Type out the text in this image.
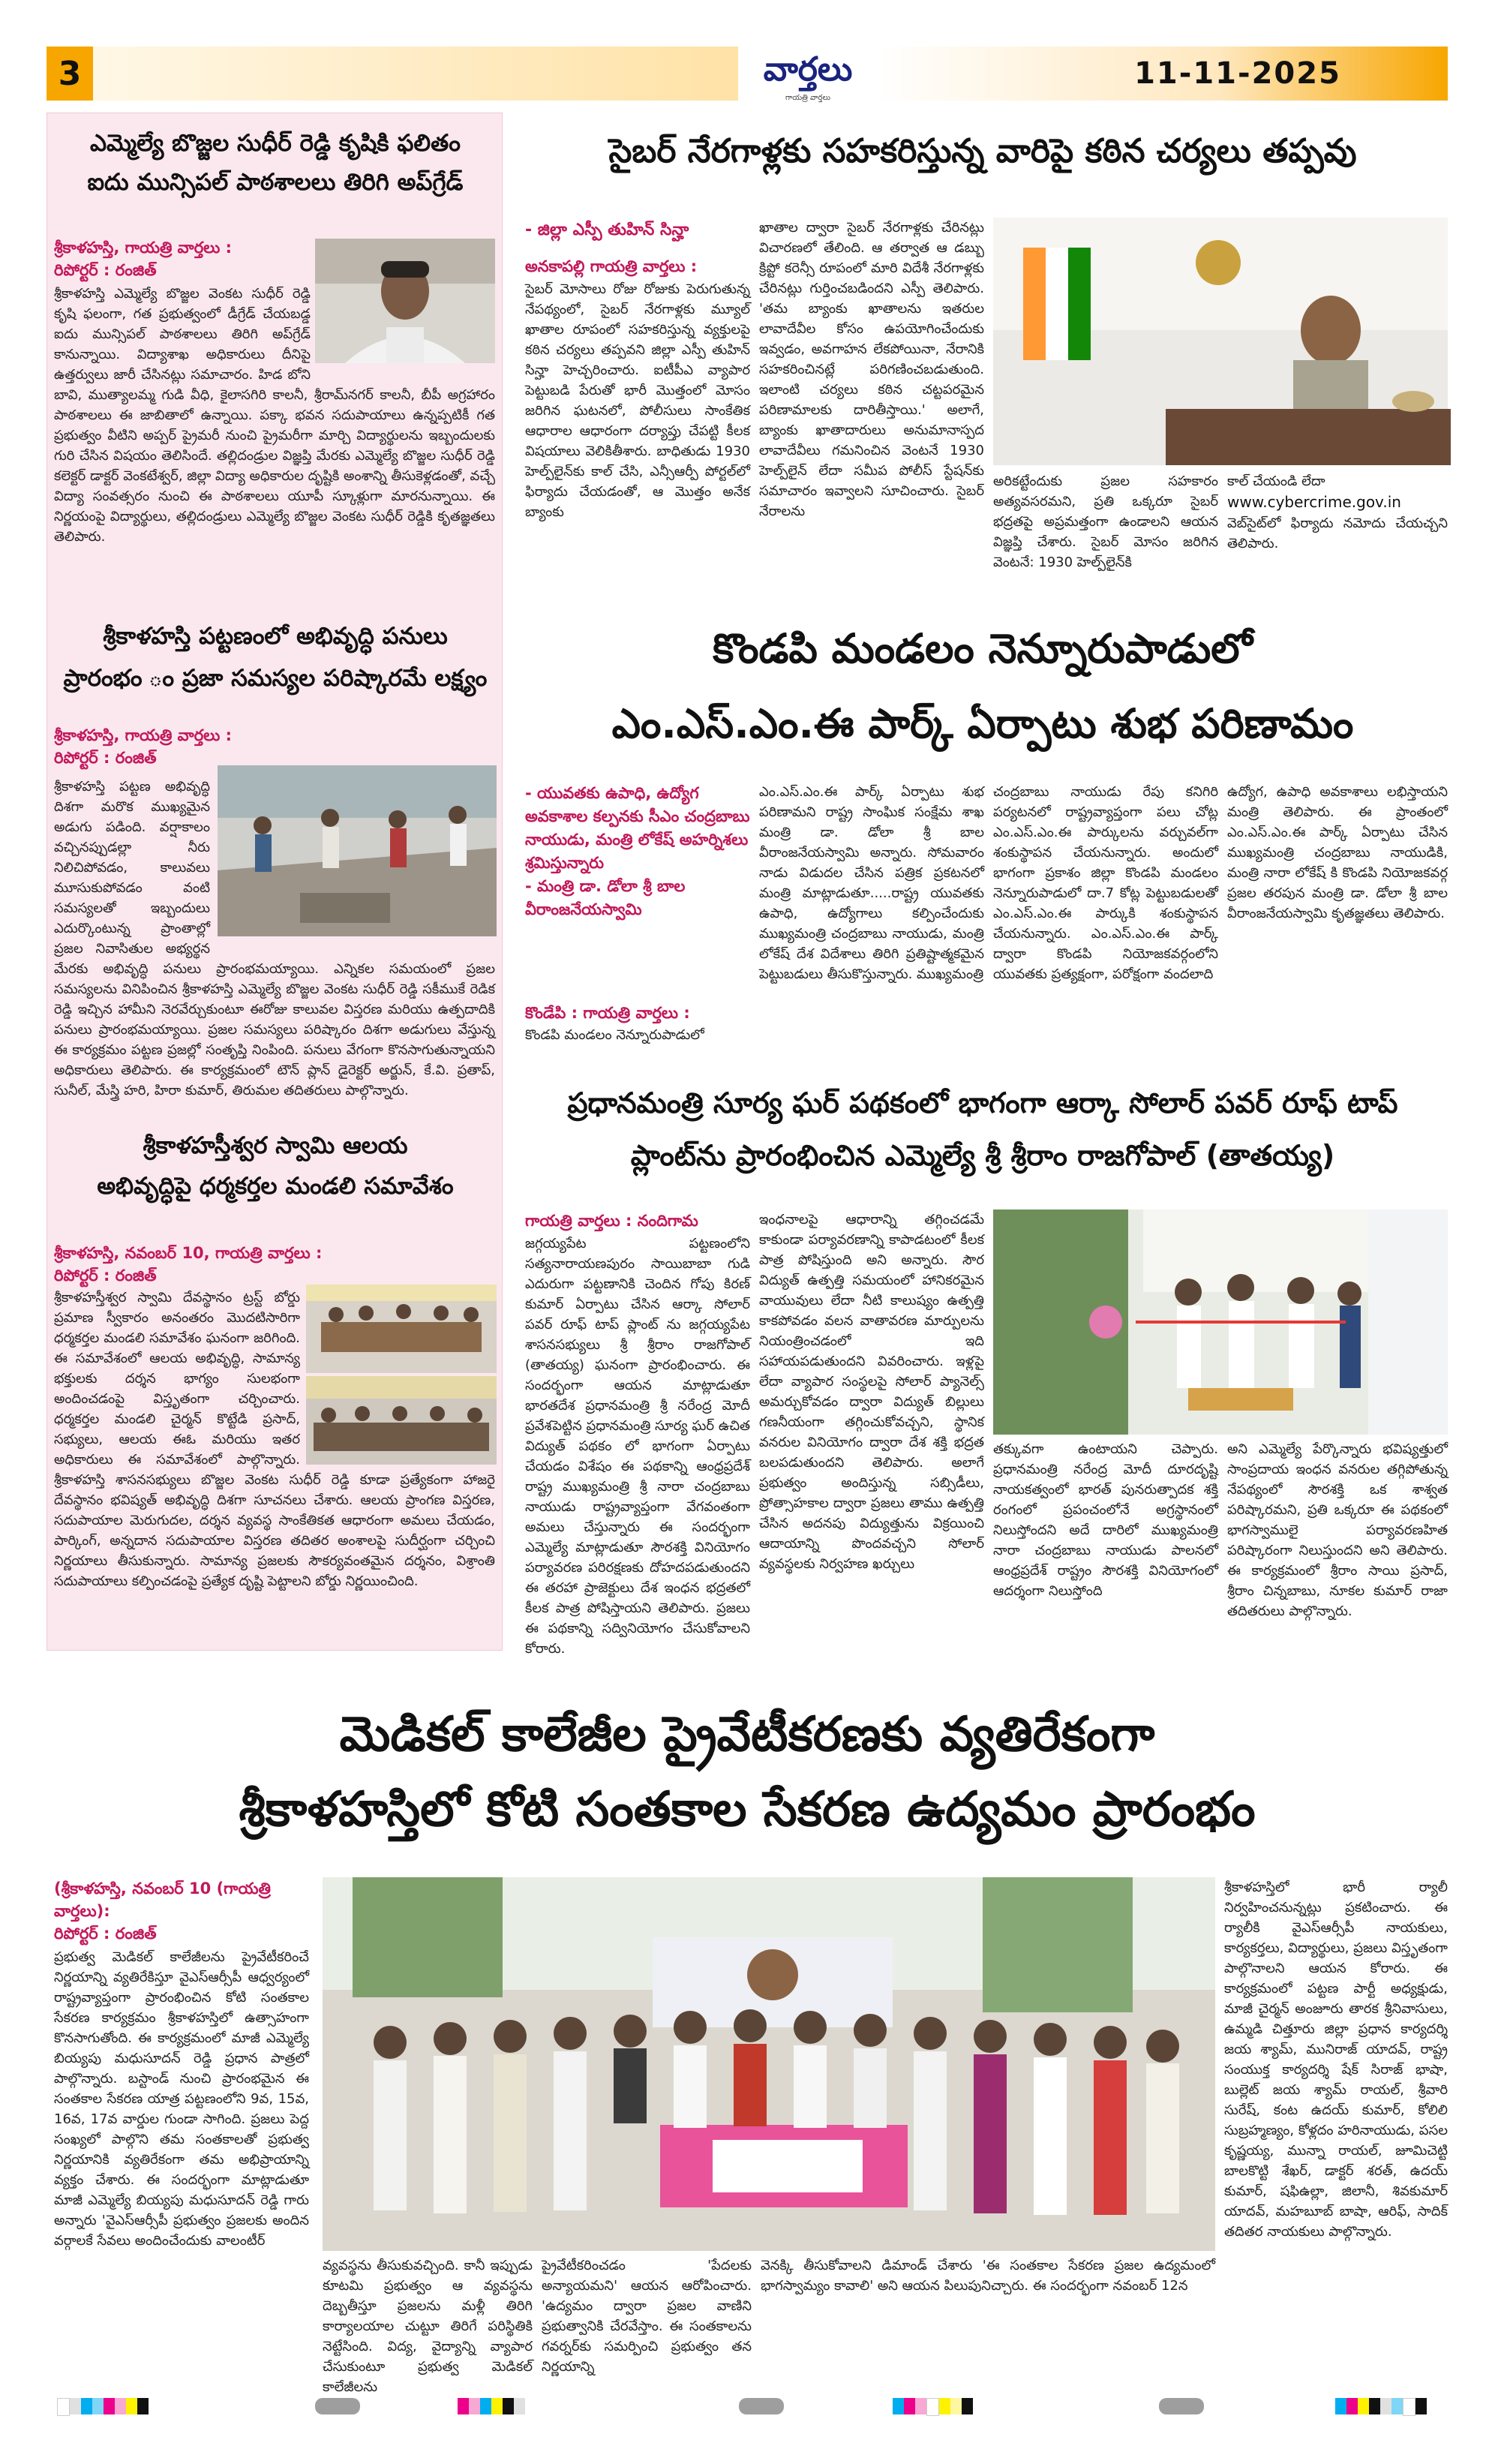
3	వార్తలు
గాయత్రి వార్తలు
11-11-2025
ఎమ్మెల్యే బొజ్జల సుధీర్ రెడ్డి కృషికి ఫలితం
ఐదు మున్సిపల్ పాఠశాలలు తిరిగి అప్‌గ్రేడ్
శ్రీకాళహస్తి, గాయత్రి వార్తలు :
రిపోర్టర్ : రంజిత్
శ్రీకాళహస్తి ఎమ్మెల్యే బొజ్జల వెంకట సుధీర్ రెడ్డి కృషి ఫలంగా, గత ప్రభుత్వంలో డీగ్రేడ్ చేయబడ్డ ఐదు మున్సిపల్ పాఠశాలలు తిరిగి అప్‌గ్రేడ్ కానున్నాయి. విద్యాశాఖ అధికారులు దీనిపై ఉత్తర్వులు జారీ చేసినట్లు సమాచారం. హిడ బోని బావి, ముత్యాలమ్మ గుడి వీధి, కైలాసగిరి కాలనీ, శ్రీరామ్‌నగర్ కాలనీ, బీపీ అగ్రహారం పాఠశాలలు ఈ జాబితాలో ఉన్నాయి. పక్కా భవన సదుపాయాలు ఉన్నప్పటికీ గత ప్రభుత్వం వీటిని అప్పర్ ప్రైమరీ నుంచి ప్రైమరీగా మార్చి విద్యార్థులను ఇబ్బందులకు గురి చేసిన విషయం తెలిసిందే. తల్లిదండ్రుల విజ్ఞప్తి మేరకు ఎమ్మెల్యే బొజ్జల సుధీర్ రెడ్డి కలెక్టర్ డాక్టర్ వెంకటేశ్వర్, జిల్లా విద్యా అధికారుల దృష్టికి అంశాన్ని తీసుకెళ్లడంతో, వచ్చే విద్యా సంవత్సరం నుంచి ఈ పాఠశాలలు యూపీ స్కూళ్లుగా మారనున్నాయి. ఈ నిర్ణయంపై విద్యార్థులు, తల్లిదండ్రులు ఎమ్మెల్యే బొజ్జల వెంకట సుధీర్ రెడ్డికి కృతజ్ఞతలు తెలిపారు.
శ్రీకాళహస్తి పట్టణంలో అభివృద్ధి పనులు
ప్రారంభం ం ప్రజా సమస్యల పరిష్కారమే లక్ష్యం
శ్రీకాళహస్తి, గాయత్రి వార్తలు :
రిపోర్టర్ : రంజిత్
శ్రీకాళహస్తి పట్టణ అభివృద్ధి దిశగా మరొక ముఖ్యమైన అడుగు పడింది. వర్షాకాలం వచ్చినప్పుడల్లా నీరు నిలిచిపోవడం, కాలువలు మూసుకుపోవడం వంటి సమస్యలతో ఇబ్బందులు ఎదుర్కొంటున్న ప్రాంతాల్లో ప్రజల నివాసితుల అభ్యర్థన మేరకు అభివృద్ధి పనులు ప్రారంభమయ్యాయి. ఎన్నికల సమయంలో ప్రజల సమస్యలను వినిపించిన శ్రీకాళహస్తి ఎమ్మెల్యే బొజ్జల వెంకట సుధీర్ రెడ్డి సకీముకే రెడిక రెడ్డి ఇచ్చిన హామీని నెరవేర్చుకుంటూ ఈరోజు కాలువల విస్తరణ మరియు ఉత్పదాదికి పనులు ప్రారంభమయ్యాయి. ప్రజల సమస్యలు పరిష్కారం దిశగా అడుగులు వేస్తున్న ఈ కార్యక్రమం పట్టణ ప్రజల్లో సంతృప్తి నింపింది. పనులు వేగంగా కొనసాగుతున్నాయని అధికారులు తెలిపారు. ఈ కార్యక్రమంలో టౌన్ ప్లాన్ డైరెక్టర్ అర్జున్, కే.వి. ప్రతాప్, సునీల్, మేస్త్రి హరి, హిరా కుమార్, తిరుమల తదితరులు పాల్గొన్నారు.
శ్రీకాళహస్తీశ్వర స్వామి ఆలయ
అభివృద్ధిపై ధర్మకర్తల మండలి సమావేశం
శ్రీకాళహస్తి, నవంబర్ 10, గాయత్రి వార్తలు :
రిపోర్టర్ : రంజిత్
శ్రీకాళహస్తీశ్వర స్వామి దేవస్థానం ట్రస్ట్ బోర్డు ప్రమాణ స్వీకారం అనంతరం మొదటిసారిగా ధర్మకర్తల మండలి సమావేశం ఘనంగా జరిగింది. ఈ సమావేశంలో ఆలయ అభివృద్ధి, సామాన్య భక్తులకు దర్శన భాగ్యం సులభంగా అందించడంపై విస్తృతంగా చర్చించారు. ధర్మకర్తల మండలి చైర్మన్ కొట్టేడి ప్రసాద్, సభ్యులు, ఆలయ ఈఓ మరియు ఇతర అధికారులు ఈ సమావేశంలో పాల్గొన్నారు. శ్రీకాళహస్తి శాసనసభ్యులు బొజ్జల వెంకట సుధీర్ రెడ్డి కూడా ప్రత్యేకంగా హాజరై దేవస్థానం భవిష్యత్ అభివృద్ధి దిశగా సూచనలు చేశారు. ఆలయ ప్రాంగణ విస్తరణ, సదుపాయాల మెరుగుదల, దర్శన వ్యవస్థ సాంకేతికత ఆధారంగా అమలు చేయడం, పార్కింగ్, అన్నదాన సదుపాయాల విస్తరణ తదితర అంశాలపై సుదీర్ఘంగా చర్చించి నిర్ణయాలు తీసుకున్నారు. సామాన్య ప్రజలకు సౌకర్యవంతమైన దర్శనం, విశ్రాంతి సదుపాయాలు కల్పించడంపై ప్రత్యేక దృష్టి పెట్టాలని బోర్డు నిర్ణయించింది.
సైబర్ నేరగాళ్లకు సహకరిస్తున్న వారిపై కఠిన చర్యలు తప్పవు
- జిల్లా ఎస్పీ తుహిన్ సిన్హా
అనకాపల్లి గాయత్రి వార్తలు :
సైబర్ మోసాలు రోజు రోజుకు పెరుగుతున్న నేపథ్యంలో, సైబర్ నేరగాళ్లకు మ్యూల్ ఖాతాల రూపంలో సహకరిస్తున్న వ్యక్తులపై కఠిన చర్యలు తప్పవని జిల్లా ఎస్పీ తుహిన్ సిన్హా హెచ్చరించారు. ఐటీపీఎ వ్యాపార పెట్టుబడి పేరుతో భారీ మొత్తంలో మోసం జరిగిన ఘటనలో, పోలీసులు సాంకేతిక ఆధారాల ఆధారంగా దర్యాప్తు చేపట్టి కీలక విషయాలు వెలికితీశారు. బాధితుడు 1930 హెల్ప్‌లైన్‌కు కాల్ చేసి, ఎన్సీఆర్పీ పోర్టల్‌లో ఫిర్యాదు చేయడంతో, ఆ మొత్తం అనేక బ్యాంకు
ఖాతాల ద్వారా సైబర్ నేరగాళ్లకు చేరినట్లు విచారణలో తేలింది. ఆ తర్వాత ఆ డబ్బు క్రిప్టో కరెన్సీ రూపంలో మారి విదేశీ నేరగాళ్లకు చేరినట్లు గుర్తించబడిందని ఎస్పీ తెలిపారు. 'తమ బ్యాంకు ఖాతాలను ఇతరుల లావాదేవీల కోసం ఉపయోగించేందుకు ఇవ్వడం, అవగాహన లేకపోయినా, నేరానికి సహకరించినట్లే పరిగణించబడుతుంది. ఇలాంటి చర్యలు కఠిన చట్టపరమైన పరిణామాలకు దారితీస్తాయి.' అలాగే, బ్యాంకు ఖాతాదారులు అనుమానాస్పద లావాదేవీలు గమనించిన వెంటనే 1930 హెల్ప్‌లైన్ లేదా సమీప పోలీస్ స్టేషన్‌కు సమాచారం ఇవ్వాలని సూచించారు. సైబర్ నేరాలను
అరికట్టేందుకు ప్రజల సహకారం అత్యవసరమని, ప్రతి ఒక్కరూ సైబర్ భద్రతపై అప్రమత్తంగా ఉండాలని ఆయన విజ్ఞప్తి చేశారు. సైబర్ మోసం జరిగిన వెంటనే: 1930 హెల్ప్‌లైన్‌కి
కాల్ చేయండి లేదా
www.cybercrime.gov.in
వెబ్‌సైట్‌లో ఫిర్యాదు నమోదు చేయచ్చని తెలిపారు.
కొండపి మండలం నెన్నూరుపాడులో
ఎం.ఎస్.ఎం.ఈ పార్క్ ఏర్పాటు శుభ పరిణామం
- యువతకు ఉపాధి, ఉద్యోగ అవకాశాల కల్పనకు సీఎం చంద్రబాబు నాయుడు, మంత్రి లోకేష్ అహర్నిశలు శ్రమిస్తున్నారు
- మంత్రి డా. డోలా శ్రీ బాల వీరాంజనేయస్వామి
కొండేపి : గాయత్రి వార్తలు :
కొండపి మండలం నెన్నూరుపాడులో
ఎం.ఎస్.ఎం.ఈ పార్క్ ఏర్పాటు శుభ పరిణామని రాష్ట్ర సాంఘిక సంక్షేమ శాఖ మంత్రి డా. డోలా శ్రీ బాల వీరాంజనేయస్వామి అన్నారు. సోమవారం నాడు విడుదల చేసిన పత్రిక ప్రకటనలో మంత్రి మాట్లాడుతూ.....రాష్ట్ర యువతకు ఉపాధి, ఉద్యోగాలు కల్పించేందుకు ముఖ్యమంత్రి చంద్రబాబు నాయుడు, మంత్రి లోకేష్ దేశ విదేశాలు తిరిగి ప్రతిష్టాత్మకమైన పెట్టుబడులు తీసుకొస్తున్నారు. ముఖ్యమంత్రి
చంద్రబాబు నాయుడు రేపు కనిగిరి పర్యటనలో రాష్ట్రవ్యాప్తంగా పలు చోట్ల ఎం.ఎస్.ఎం.ఈ పార్కులను వర్చువల్‌గా శంకుస్థాపన చేయనున్నారు. అందులో భాగంగా ప్రకాశం జిల్లా కొండపి మండలం నెన్నూరుపాడులో దా.7 కోట్ల పెట్టుబడులతో ఎం.ఎస్.ఎం.ఈ పార్కుకి శంకుస్థాపన చేయనున్నారు. ఎం.ఎస్.ఎం.ఈ పార్క్ ద్వారా కొండపి నియోజకవర్గంలోని యువతకు ప్రత్యక్షంగా, పరోక్షంగా వందలాది
ఉద్యోగ, ఉపాధి అవకాశాలు లభిస్తాయని మంత్రి తెలిపారు. ఈ ప్రాంతంలో ఎం.ఎస్.ఎం.ఈ పార్క్ ఏర్పాటు చేసిన ముఖ్యమంత్రి చంద్రబాబు నాయుడికి, మంత్రి నారా లోకేష్ కి కొండపి నియోజకవర్గ ప్రజల తరపున మంత్రి డా. డోలా శ్రీ బాల వీరాంజనేయస్వామి కృతజ్ఞతలు తెలిపారు.
ప్రధానమంత్రి సూర్య ఘర్ పథకంలో భాగంగా ఆర్కా సోలార్ పవర్ రూఫ్ టాప్
ప్లాంట్‌ను ప్రారంభించిన ఎమ్మెల్యే శ్రీ శ్రీరాం రాజగోపాల్ (తాతయ్య)
గాయత్రి వార్తలు : నందిగామ
జగ్గయ్యపేట పట్టణంలోని సత్యనారాయణపురం సాయిబాబా గుడి ఎదురుగా పట్టణానికి చెందిన గోపు కిరణ్ కుమార్ ఏర్పాటు చేసిన ఆర్కా సోలార్ పవర్ రూఫ్ టాప్ ప్లాంట్ ను జగ్గయ్యపేట శాసనసభ్యులు శ్రీ శ్రీరాం రాజగోపాల్ (తాతయ్య) ఘనంగా ప్రారంభించారు. ఈ సందర్భంగా ఆయన మాట్లాడుతూ భారతదేశ ప్రధానమంత్రి శ్రీ నరేంద్ర మోదీ ప్రవేశపెట్టిన ప్రధానమంత్రి సూర్య ఘర్ ఉచిత విద్యుత్ పథకం లో భాగంగా ఏర్పాటు చేయడం విశేషం ఈ పథకాన్ని ఆంధ్రప్రదేశ్ రాష్ట్ర ముఖ్యమంత్రి శ్రీ నారా చంద్రబాబు నాయుడు రాష్ట్రవ్యాప్తంగా వేగవంతంగా అమలు చేస్తున్నారు ఈ సందర్భంగా ఎమ్మెల్యే మాట్లాడుతూ సౌరశక్తి వినియోగం పర్యావరణ పరిరక్షణకు దోహదపడుతుందని ఈ తరహా ప్రాజెక్టులు దేశ ఇంధన భద్రతలో కీలక పాత్ర పోషిస్తాయని తెలిపారు. ప్రజలు ఈ పథకాన్ని సద్వినియోగం చేసుకోవాలని కోరారు.
ఇంధనాలపై ఆధారాన్ని తగ్గించడమే కాకుండా పర్యావరణాన్ని కాపాడటంలో కీలక పాత్ర పోషిస్తుంది అని అన్నారు. సౌర విద్యుత్ ఉత్పత్తి సమయంలో హానికరమైన వాయువులు లేదా నీటి కాలుష్యం ఉత్పత్తి కాకపోవడం వలన వాతావరణ మార్పులను నియంత్రించడంలో ఇది సహాయపడుతుందని వివరించారు. ఇళ్లపై లేదా వ్యాపార సంస్థలపై సోలార్ ప్యానెల్స్ అమర్చుకోవడం ద్వారా విద్యుత్ బిల్లులు గణనీయంగా తగ్గించుకోవచ్చని, స్థానిక వనరుల వినియోగం ద్వారా దేశ శక్తి భద్రత బలపడుతుందని తెలిపారు. అలాగే ప్రభుత్వం అందిస్తున్న సబ్సిడీలు, ప్రోత్సాహకాల ద్వారా ప్రజలు తాము ఉత్పత్తి చేసిన అదనపు విద్యుత్తును విక్రయించి ఆదాయాన్ని పొందవచ్చని సోలార్ వ్యవస్థలకు నిర్వహణ ఖర్చులు
తక్కువగా ఉంటాయని చెప్పారు. ప్రధానమంత్రి నరేంద్ర మోదీ దూరదృష్టి నాయకత్వంలో భారత్ పునరుత్పాదక శక్తి రంగంలో ప్రపంచంలోనే అగ్రస్థానంలో నిలుస్తోందని అదే దారిలో ముఖ్యమంత్రి నారా చంద్రబాబు నాయుడు పాలనలో ఆంధ్రప్రదేశ్ రాష్ట్రం సౌరశక్తి వినియోగంలో ఆదర్శంగా నిలుస్తోంది
అని ఎమ్మెల్యే పేర్కొన్నారు భవిష్యత్తులో సాంప్రదాయ ఇంధన వనరుల తగ్గిపోతున్న నేపథ్యంలో సౌరశక్తి ఒక శాశ్వత పరిష్కారమని, ప్రతి ఒక్కరూ ఈ పథకంలో భాగస్వాములై పర్యావరణహిత పరిష్కారంగా నిలుస్తుందని అని తెలిపారు. ఈ కార్యక్రమంలో శ్రీరాం సాయి ప్రసాద్, శ్రీరాం చిన్నబాబు, నూకల కుమార్ రాజా తదితరులు పాల్గొన్నారు.
మెడికల్ కాలేజీల ప్రైవేటీకరణకు వ్యతిరేకంగా
శ్రీకాళహస్తిలో కోటి సంతకాల సేకరణ ఉద్యమం ప్రారంభం
(శ్రీకాళహస్తి, నవంబర్ 10 (గాయత్రి వార్తలు):
రిపోర్టర్ : రంజిత్
ప్రభుత్వ మెడికల్ కాలేజీలను ప్రైవేటీకరించే నిర్ణయాన్ని వ్యతిరేకిస్తూ వైఎస్ఆర్సీపీ ఆధ్వర్యంలో రాష్ట్రవ్యాప్తంగా ప్రారంభించిన కోటి సంతకాల సేకరణ కార్యక్రమం శ్రీకాళహస్తిలో ఉత్సాహంగా కొనసాగుతోంది. ఈ కార్యక్రమంలో మాజీ ఎమ్మెల్యే బియ్యపు మధుసూదన్ రెడ్డి ప్రధాన పాత్రలో పాల్గొన్నారు. బస్టాండ్ నుంచి ప్రారంభమైన ఈ సంతకాల సేకరణ యాత్ర పట్టణంలోని 9వ, 15వ, 16వ, 17వ వార్డుల గుండా సాగింది. ప్రజలు పెద్ద సంఖ్యలో పాల్గొని తమ సంతకాలతో ప్రభుత్వ నిర్ణయానికి వ్యతిరేకంగా తమ అభిప్రాయాన్ని వ్యక్తం చేశారు. ఈ సందర్భంగా మాట్లాడుతూ మాజీ ఎమ్మెల్యే బియ్యపు మధుసూదన్ రెడ్డి గారు అన్నారు 'వైఎస్ఆర్సీపీ ప్రభుత్వం ప్రజలకు అందిన వర్గాలకే సేవలు అందించేందుకు వాలంటీర్
వ్యవస్థను తీసుకువచ్చింది. కానీ ఇప్పుడు కూటమి ప్రభుత్వం ఆ వ్యవస్థను దెబ్బతీస్తూ ప్రజలను మళ్లీ తిరిగి కార్యాలయాల చుట్టూ తిరిగే పరిస్థితికి నెట్టేసింది. విద్య, వైద్యాన్ని వ్యాపార చేసుకుంటూ ప్రభుత్వ మెడికల్ కాలేజీలను
ప్రైవేటీకరించడం 'పేదలకు అన్యాయమని' ఆయన ఆరోపించారు. 'ఉద్యమం ద్వారా ప్రజల వాణిని ప్రభుత్వానికి చేరవేస్తాం. ఈ సంతకాలను గవర్నర్‌కు సమర్పించి ప్రభుత్వం తన నిర్ణయాన్ని
వెనక్కి తీసుకోవాలని డిమాండ్ చేశారు 'ఈ సంతకాల సేకరణ ప్రజల ఉద్యమంలో భాగస్వామ్యం కావాలి' అని ఆయన పిలుపునిచ్చారు. ఈ సందర్భంగా నవంబర్ 12న
శ్రీకాళహస్తిలో భారీ ర్యాలీ నిర్వహించనున్నట్లు ప్రకటించారు. ఈ ర్యాలీకి వైఎస్ఆర్సీపీ నాయకులు, కార్యకర్తలు, విద్యార్థులు, ప్రజలు విస్తృతంగా పాల్గొనాలని ఆయన కోరారు. ఈ కార్యక్రమంలో పట్టణ పార్టీ అధ్యక్షుడు, మాజీ చైర్మన్ అంజూరు తారక శ్రీనివాసులు, ఉమ్మడి చిత్తూరు జిల్లా ప్రధాన కార్యదర్శి జయ శ్యామ్, మునిరాజ్ యాదవ్, రాష్ట్ర సంయుక్త కార్యదర్శి షేక్ సిరాజ్ భాషా, బుల్లెట్ జయ శ్యామ్ రాయల్, శ్రీవారి సురేష్, కంట ఉదయ్ కుమార్, కోలిలి సుబ్రహ్మణ్యం, కోళ్లదం హరినాయుడు, పసల కృష్ణయ్య, మున్నా రాయల్, జూమిచెట్టి బాలకొట్టి శేఖర్, డాక్టర్ శరత్, ఉదయ్ కుమార్, షఫిఉల్లా, జిలానీ, శివకుమార్ యాదవ్, మహబూబ్ బాషా, ఆరిఫ్, సాదిక్ తదితర నాయకులు పాల్గొన్నారు.
